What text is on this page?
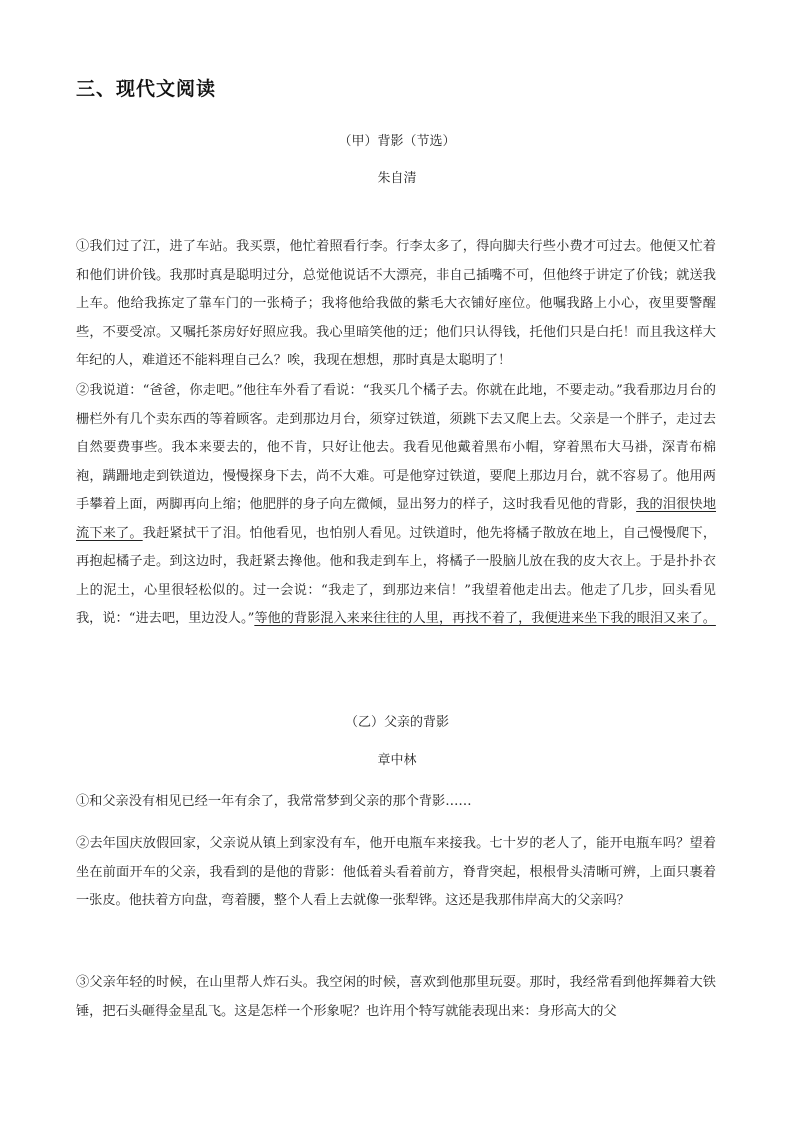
三、现代文阅读
（甲）背影（节选）
朱自清

①我们过了江，进了车站。我买票，他忙着照看行李。行李太多了，得向脚夫行些小费才可过去。他便又忙着和他们讲价钱。我那时真是聪明过分，总觉他说话不大漂亮，非自己插嘴不可，但他终于讲定了价钱；就送我上车。他给我拣定了靠车门的一张椅子；我将他给我做的紫毛大衣铺好座位。他嘱我路上小心，夜里要警醒些，不要受凉。又嘱托茶房好好照应我。我心里暗笑他的迂；他们只认得钱，托他们只是白托！而且我这样大年纪的人，难道还不能料理自己么？唉，我现在想想，那时真是太聪明了！

②我说道：“爸爸，你走吧。”他往车外看了看说：“我买几个橘子去。你就在此地，不要走动。”我看那边月台的栅栏外有几个卖东西的等着顾客。走到那边月台，须穿过铁道，须跳下去又爬上去。父亲是一个胖子，走过去自然要费事些。我本来要去的，他不肯，只好让他去。我看见他戴着黑布小帽，穿着黑布大马褂，深青布棉袍，蹒跚地走到铁道边，慢慢探身下去，尚不大难。可是他穿过铁道，要爬上那边月台，就不容易了。他用两手攀着上面，两脚再向上缩；他肥胖的身子向左微倾，显出努力的样子，这时我看见他的背影，我的泪很快地流下来了。我赶紧拭干了泪。怕他看见，也怕别人看见。过铁道时，他先将橘子散放在地上，自己慢慢爬下，再抱起橘子走。到这边时，我赶紧去搀他。他和我走到车上，将橘子一股脑儿放在我的皮大衣上。于是扑扑衣上的泥土，心里很轻松似的。过一会说：“我走了，到那边来信！”我望着他走出去。他走了几步，回头看见我，说：“进去吧，里边没人。”等他的背影混入来来往往的人里，再找不着了，我便进来坐下我的眼泪又来了。

（乙）父亲的背影
章中林

①和父亲没有相见已经一年有余了，我常常梦到父亲的那个背影……

②去年国庆放假回家，父亲说从镇上到家没有车，他开电瓶车来接我。七十岁的老人了，能开电瓶车吗？望着坐在前面开车的父亲，我看到的是他的背影：他低着头看着前方，脊背突起，根根骨头清晰可辨，上面只裹着一张皮。他扶着方向盘，弯着腰，整个人看上去就像一张犁铧。这还是我那伟岸高大的父亲吗？

③父亲年轻的时候，在山里帮人炸石头。我空闲的时候，喜欢到他那里玩耍。那时，我经常看到他挥舞着大铁锤，把石头砸得金星乱飞。这是怎样一个形象呢？也许用个特写就能表现出来：身形高大的父
